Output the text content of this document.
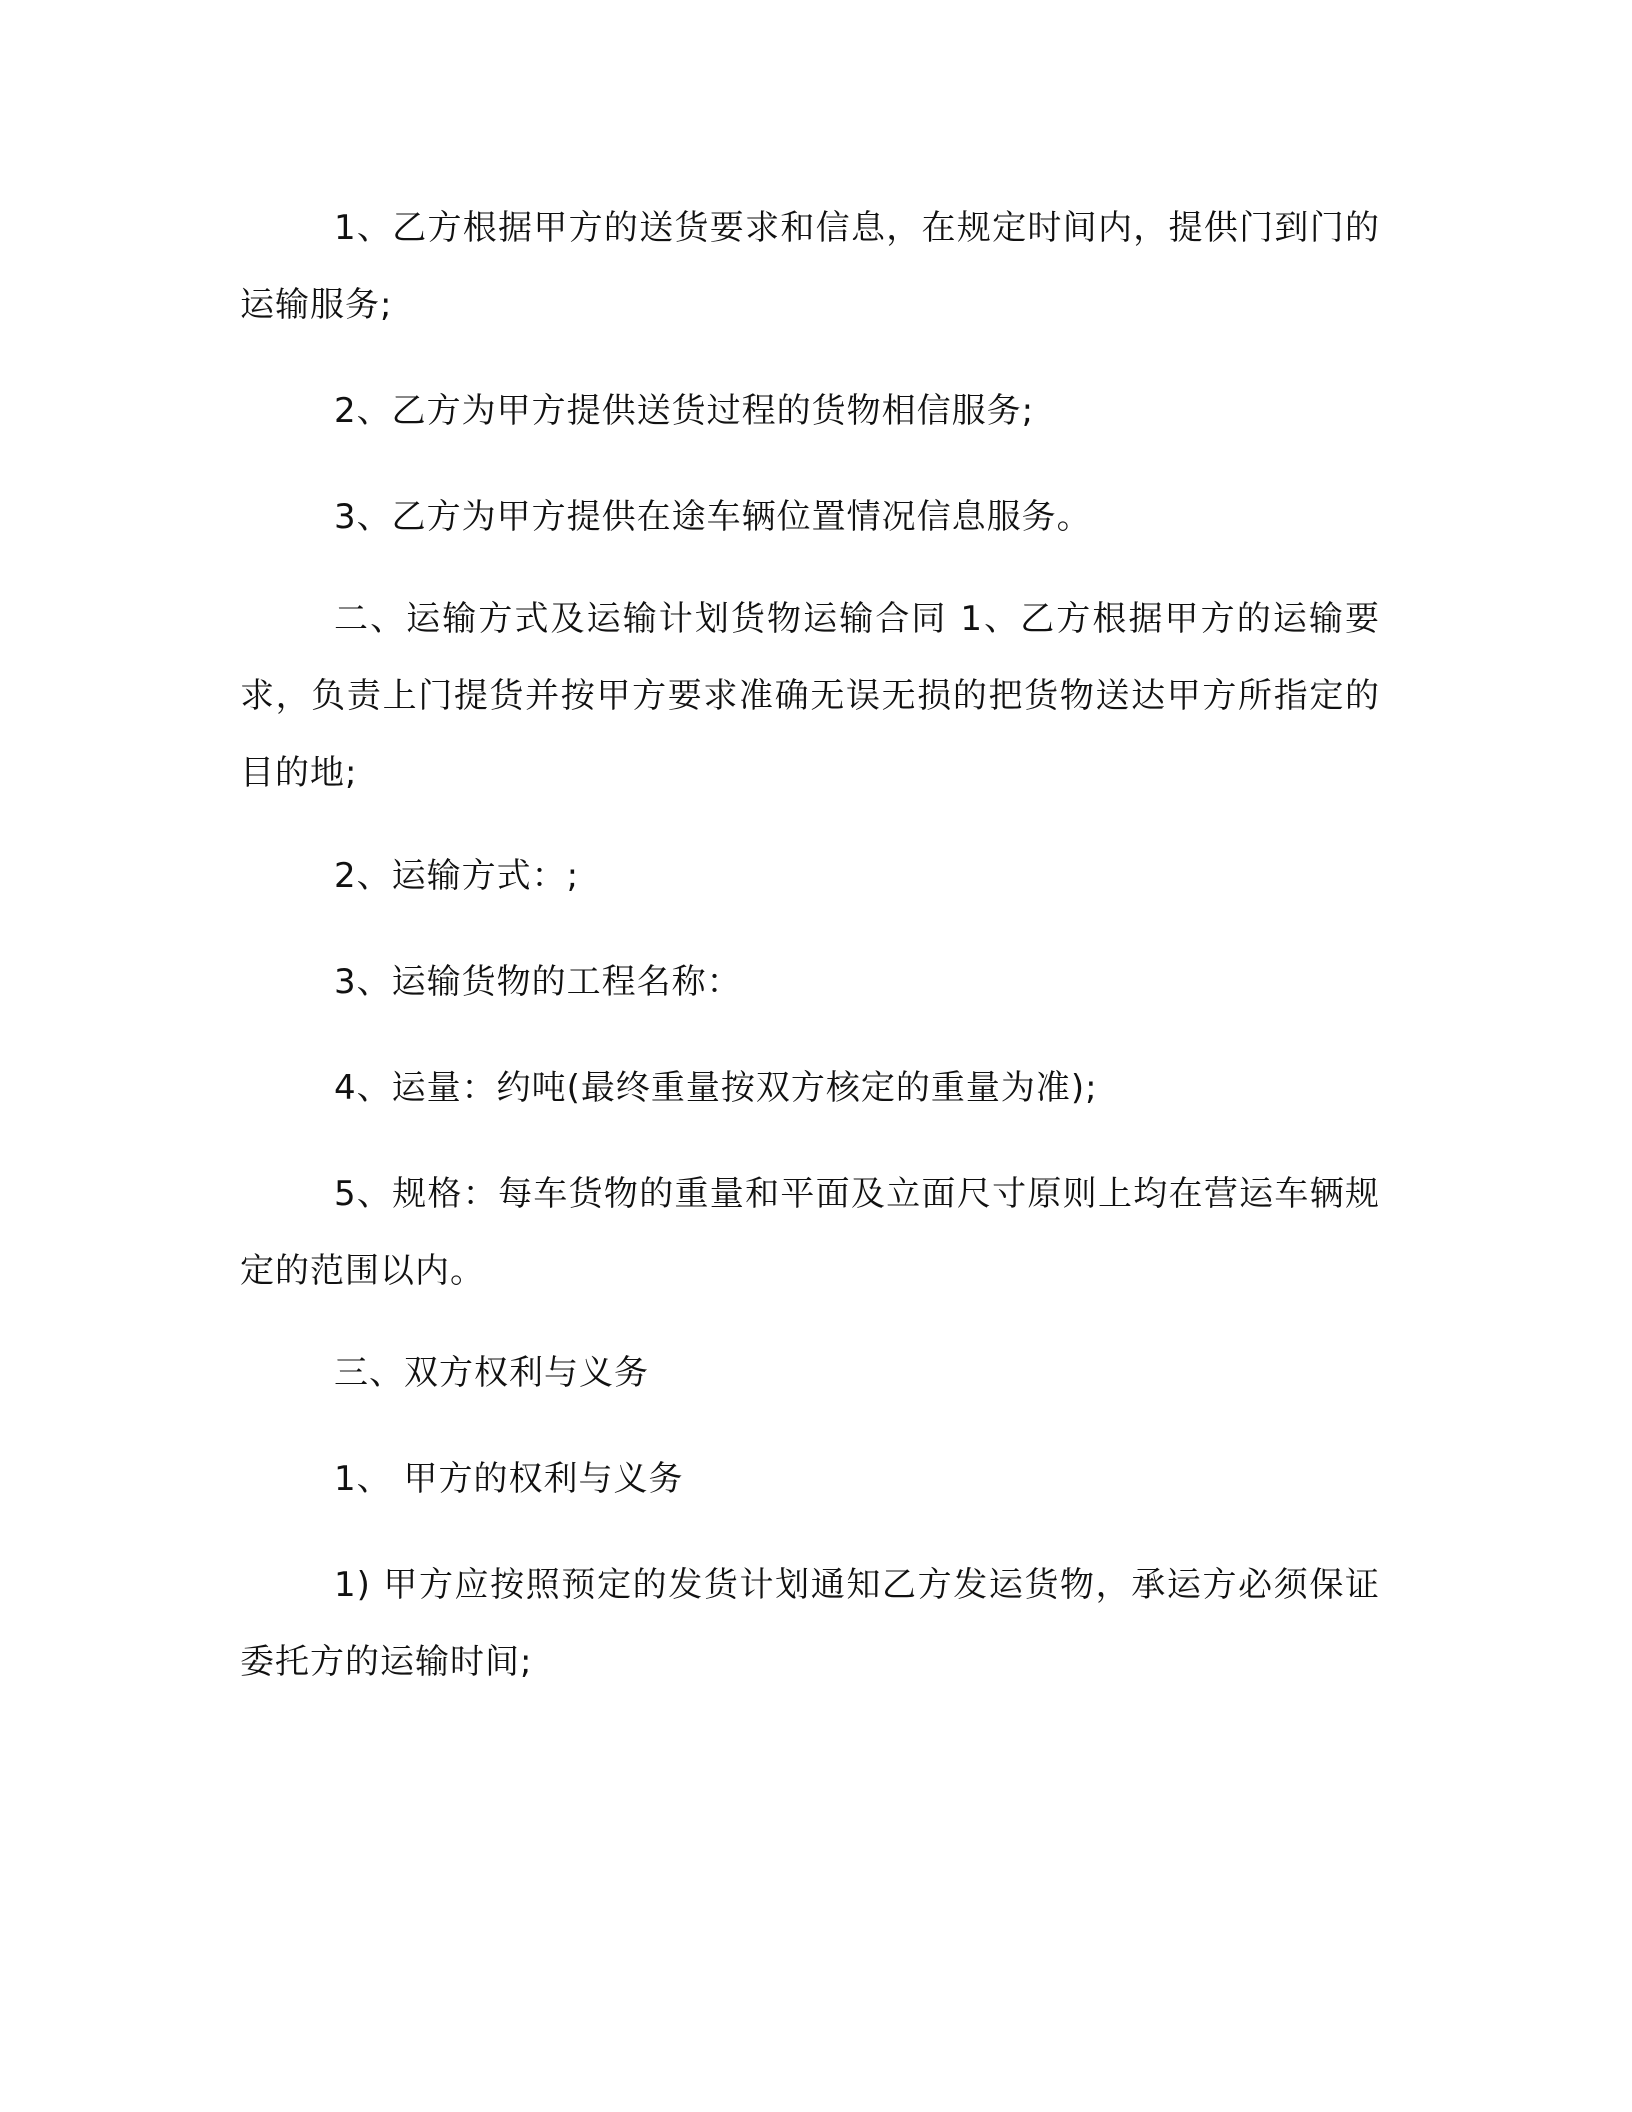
1、乙方根据甲方的送货要求和信息，在规定时间内，提供门到门的运输服务;

2、乙方为甲方提供送货过程的货物相信服务;

3、乙方为甲方提供在途车辆位置情况信息服务。

二、运输方式及运输计划货物运输合同 1、乙方根据甲方的运输要求，负责上门提货并按甲方要求准确无误无损的把货物送达甲方所指定的目的地;

2、运输方式：;

3、运输货物的工程名称：

4、运量：约吨(最终重量按双方核定的重量为准);

5、规格：每车货物的重量和平面及立面尺寸原则上均在营运车辆规定的范围以内。

三、双方权利与义务

1、 甲方的权利与义务

1) 甲方应按照预定的发货计划通知乙方发运货物，承运方必须保证委托方的运输时间;
